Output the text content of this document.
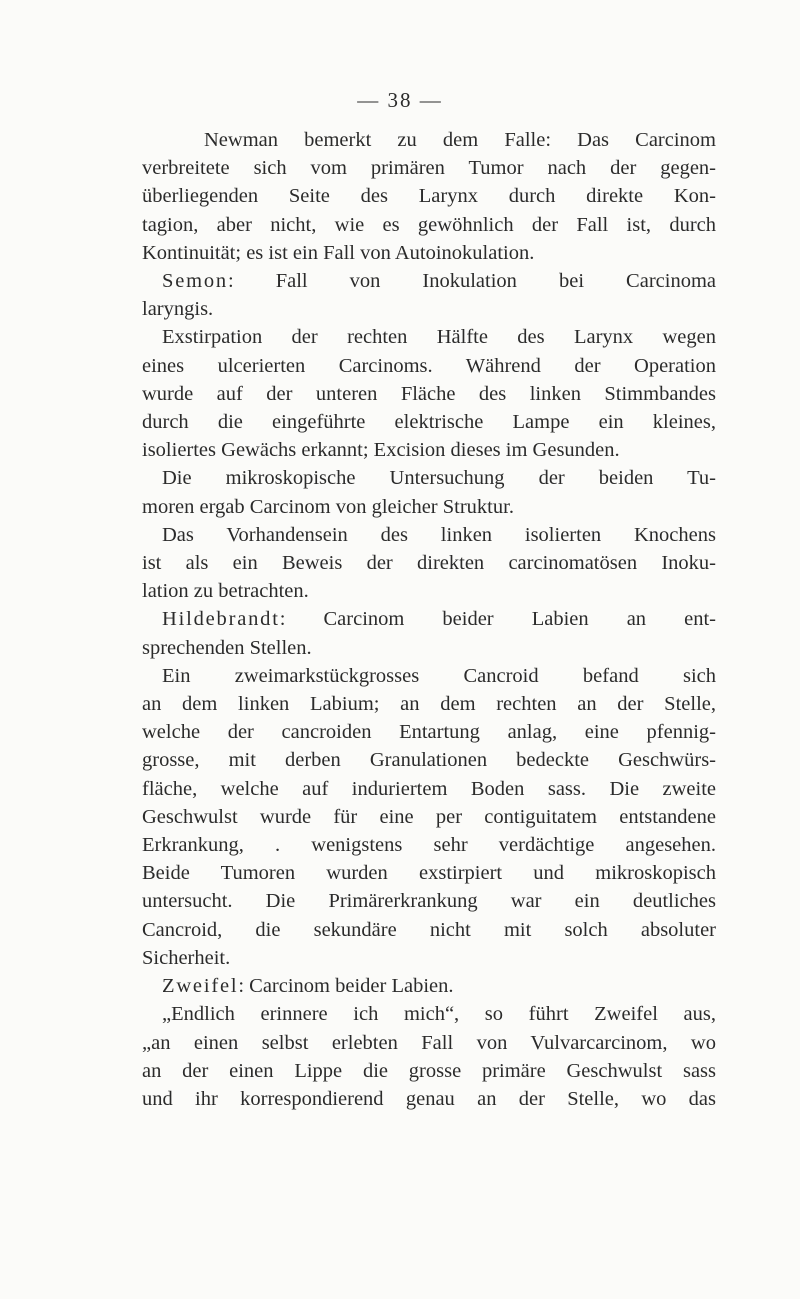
— 38 —
Newman bemerkt zu dem Falle: Das Carcinom
verbreitete sich vom primären Tumor nach der gegen-
überliegenden Seite des Larynx durch direkte Kon-
tagion, aber nicht, wie es gewöhnlich der Fall ist, durch
Kontinuität; es ist ein Fall von Autoinokulation.
Semon: Fall von Inokulation bei Carcinoma
laryngis.
Exstirpation der rechten Hälfte des Larynx wegen
eines ulcerierten Carcinoms. Während der Operation
wurde auf der unteren Fläche des linken Stimmbandes
durch die eingeführte elektrische Lampe ein kleines,
isoliertes Gewächs erkannt; Excision dieses im Gesunden.
Die mikroskopische Untersuchung der beiden Tu-
moren ergab Carcinom von gleicher Struktur.
Das Vorhandensein des linken isolierten Knochens
ist als ein Beweis der direkten carcinomatösen Inoku-
lation zu betrachten.
Hildebrandt: Carcinom beider Labien an ent-
sprechenden Stellen.
Ein zweimarkstückgrosses Cancroid befand sich
an dem linken Labium; an dem rechten an der Stelle,
welche der cancroiden Entartung anlag, eine pfennig-
grosse, mit derben Granulationen bedeckte Geschwürs-
fläche, welche auf induriertem Boden sass. Die zweite
Geschwulst wurde für eine per contiguitatem entstandene
Erkrankung, . wenigstens sehr verdächtige angesehen.
Beide Tumoren wurden exstirpiert und mikroskopisch
untersucht. Die Primärerkrankung war ein deutliches
Cancroid, die sekundäre nicht mit solch absoluter
Sicherheit.
Zweifel: Carcinom beider Labien.
„Endlich erinnere ich mich“, so führt Zweifel aus,
„an einen selbst erlebten Fall von Vulvarcarcinom, wo
an der einen Lippe die grosse primäre Geschwulst sass
und ihr korrespondierend genau an der Stelle, wo das
